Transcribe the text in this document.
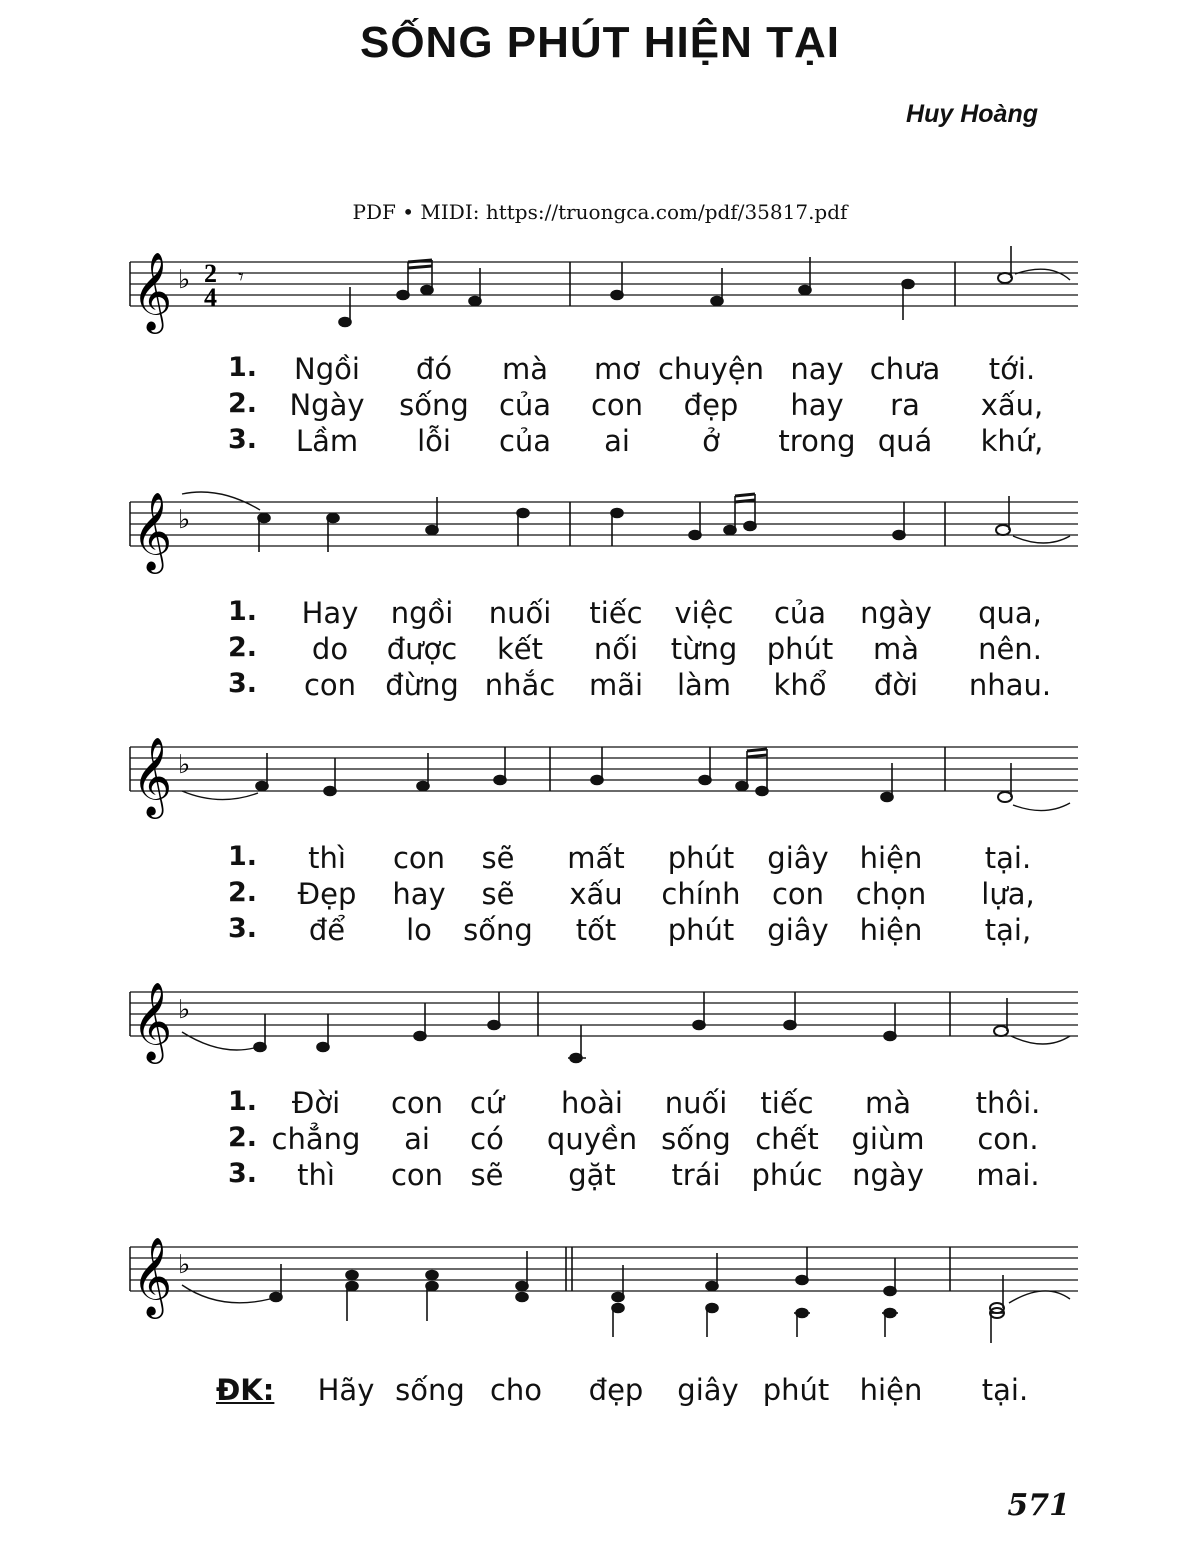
SỐNG PHÚT HIỆN TẠI
Huy Hoàng
PDF • MIDI: https://truongca.com/pdf/35817.pdf
𝄞 ♭ 2
4
𝄾
1. Ngồi đó mà mơ chuyện nay chưa tới.
2. Ngày sống của con đẹp hay ra xấu,
3. Lầm lỗi của ai ở trong quá khứ,
𝄞 ♭
1. Hay ngồi nuối tiếc việc của ngày qua,
2. do được kết nối từng phút mà nên.
3. con đừng nhắc mãi làm khổ đời nhau.
𝄞 ♭
1. thì con sẽ mất phút giây hiện tại.
2. Đẹp hay sẽ xấu chính con chọn lựa,
3. để lo sống tốt phút giây hiện tại,
𝄞 ♭
1. Đời con cứ hoài nuối tiếc mà thôi.
2. chẳng ai có quyền sống chết giùm con.
3. thì con sẽ gặt trái phúc ngày mai.
𝄞 ♭
ĐK: Hãy sống cho đẹp giây phút hiện tại.
571
